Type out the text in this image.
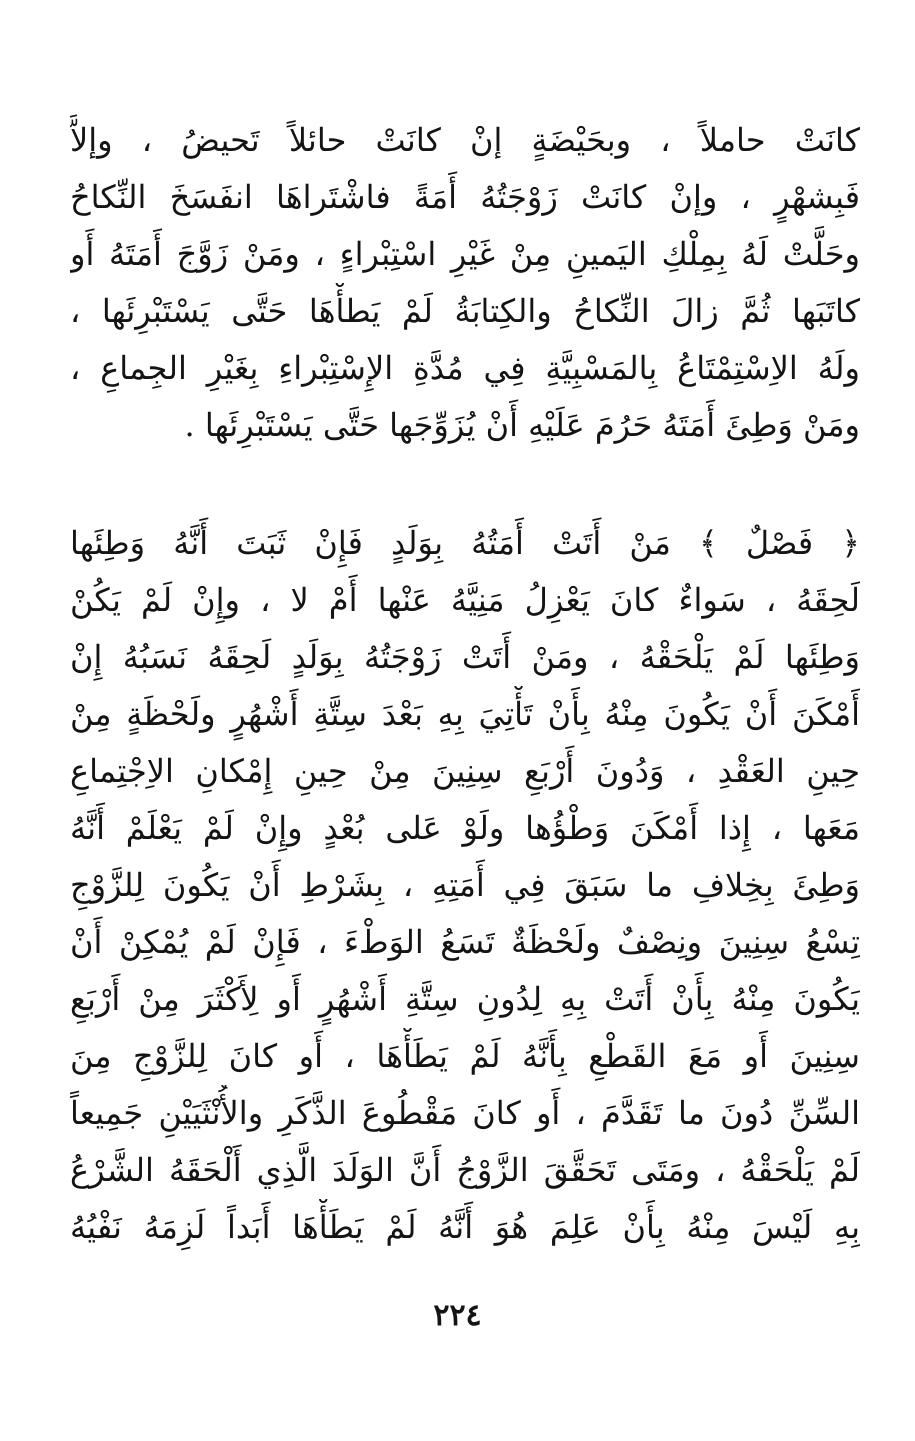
كانَتْ حاملاً ، وبحَيْضَةٍ إنْ كانَتْ حائلاً تَحيضُ ، وإلاَّ
فَبِشهْرٍ ، وإنْ كانَتْ زَوْجَتُهُ أَمَةً فاشْتَراهَا انفَسَخَ النِّكاحُ
وحَلَّتْ لَهُ بِمِلْكِ اليَمينِ مِنْ غَيْرِ اسْتِبْراءٍ ، ومَنْ زَوَّجَ أَمَتَهُ أَو
كاتَبَها ثُمَّ زالَ النِّكاحُ والكِتابَةُ لَمْ يَطأْهَا حَتَّى يَسْتَبْرِئَها ،
ولَهُ الاِسْتِمْتَاعُ بِالمَسْبِيَّةِ فِي مُدَّةِ الإِسْتِبْراءِ بِغَيْرِ الجِماعِ ،
ومَنْ وَطِئَ أَمَتَهُ حَرُمَ عَلَيْهِ أَنْ يُزَوِّجَها حَتَّى يَسْتَبْرِئَها .
﴿ فَصْلٌ ﴾ مَنْ أَتَتْ أَمَتُهُ بِوَلَدٍ فَإِنْ ثَبَتَ أَنَّهُ وَطِئَها
لَحِقَهُ ، سَواءٌ كانَ يَعْزِلُ مَنِيَّهُ عَنْها أَمْ لا ، وإِنْ لَمْ يَكُنْ
وَطِئَها لَمْ يَلْحَقْهُ ، ومَنْ أَتَتْ زَوْجَتُهُ بِوَلَدٍ لَحِقَهُ نَسَبُهُ إِنْ
أَمْكَنَ أَنْ يَكُونَ مِنْهُ بِأَنْ تَأْتِيَ بِهِ بَعْدَ سِتَّةِ أَشْهُرٍ ولَحْظَةٍ مِنْ
حِينِ العَقْدِ ، وَدُونَ أَرْبَعِ سِنِينَ مِنْ حِينِ إِمْكانِ الاِجْتِماعِ
مَعَها ، إِذا أَمْكَنَ وَطْؤُها ولَوْ عَلى بُعْدٍ وإِنْ لَمْ يَعْلَمْ أَنَّهُ
وَطِئَ بِخِلافِ ما سَبَقَ فِي أَمَتِهِ ، بِشَرْطِ أَنْ يَكُونَ لِلزَّوْجِ
تِسْعُ سِنِينَ ونِصْفٌ ولَحْظَةٌ تَسَعُ الوَطْءَ ، فَإِنْ لَمْ يُمْكِنْ أَنْ
يَكُونَ مِنْهُ بِأَنْ أَتَتْ بِهِ لِدُونِ سِتَّةِ أَشْهُرٍ أَو لِأَكْثَرَ مِنْ أَرْبَعِ
سِنِينَ أَو مَعَ القَطْعِ بِأَنَّهُ لَمْ يَطَأْهَا ، أَو كانَ لِلزَّوْجِ مِنَ
السِّنِّ دُونَ ما تَقَدَّمَ ، أَو كانَ مَقْطُوعَ الذَّكَرِ والأُنْثَيَيْنِ جَمِيعاً
لَمْ يَلْحَقْهُ ، ومَتَى تَحَقَّقَ الزَّوْجُ أَنَّ الوَلَدَ الَّذِي أَلْحَقَهُ الشَّرْعُ
بِهِ لَيْسَ مِنْهُ بِأَنْ عَلِمَ هُوَ أَنَّهُ لَمْ يَطَأْهَا أَبَداً لَزِمَهُ نَفْيُهُ
٢٢٤
